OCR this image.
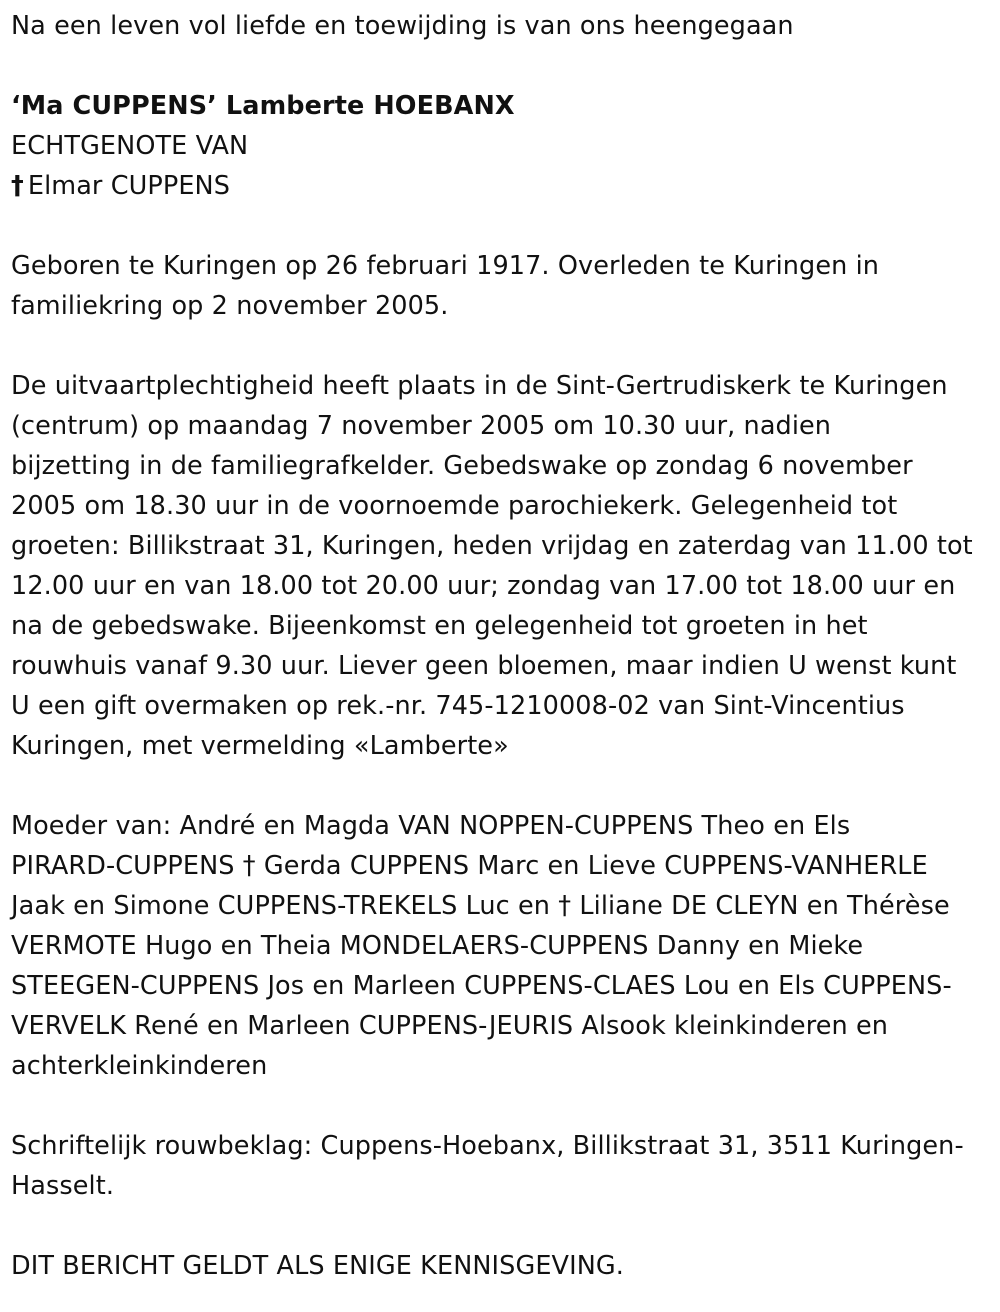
Na een leven vol liefde en toewijding is van ons heengegaan
‘Ma CUPPENS’ Lamberte HOEBANX
ECHTGENOTE VAN
† Elmar CUPPENS
Geboren te Kuringen op 26 februari 1917. Overleden te Kuringen in
familiekring op 2 november 2005.
De uitvaartplechtigheid heeft plaats in de Sint-Gertrudiskerk te Kuringen
(centrum) op maandag 7 november 2005 om 10.30 uur, nadien
bijzetting in de familiegrafkelder. Gebedswake op zondag 6 november
2005 om 18.30 uur in de voornoemde parochiekerk. Gelegenheid tot
groeten: Billikstraat 31, Kuringen, heden vrijdag en zaterdag van 11.00 tot
12.00 uur en van 18.00 tot 20.00 uur; zondag van 17.00 tot 18.00 uur en
na de gebedswake. Bijeenkomst en gelegenheid tot groeten in het
rouwhuis vanaf 9.30 uur. Liever geen bloemen, maar indien U wenst kunt
U een gift overmaken op rek.-nr. 745-1210008-02 van Sint-Vincentius
Kuringen, met vermelding «Lamberte»
Moeder van: André en Magda VAN NOPPEN-CUPPENS Theo en Els
PIRARD-CUPPENS † Gerda CUPPENS Marc en Lieve CUPPENS-VANHERLE
Jaak en Simone CUPPENS-TREKELS Luc en † Liliane DE CLEYN en Thérèse
VERMOTE Hugo en Theia MONDELAERS-CUPPENS Danny en Mieke
STEEGEN-CUPPENS Jos en Marleen CUPPENS-CLAES Lou en Els CUPPENS-
VERVELK René en Marleen CUPPENS-JEURIS Alsook kleinkinderen en
achterkleinkinderen
Schriftelijk rouwbeklag: Cuppens-Hoebanx, Billikstraat 31, 3511 Kuringen-
Hasselt.
DIT BERICHT GELDT ALS ENIGE KENNISGEVING.
